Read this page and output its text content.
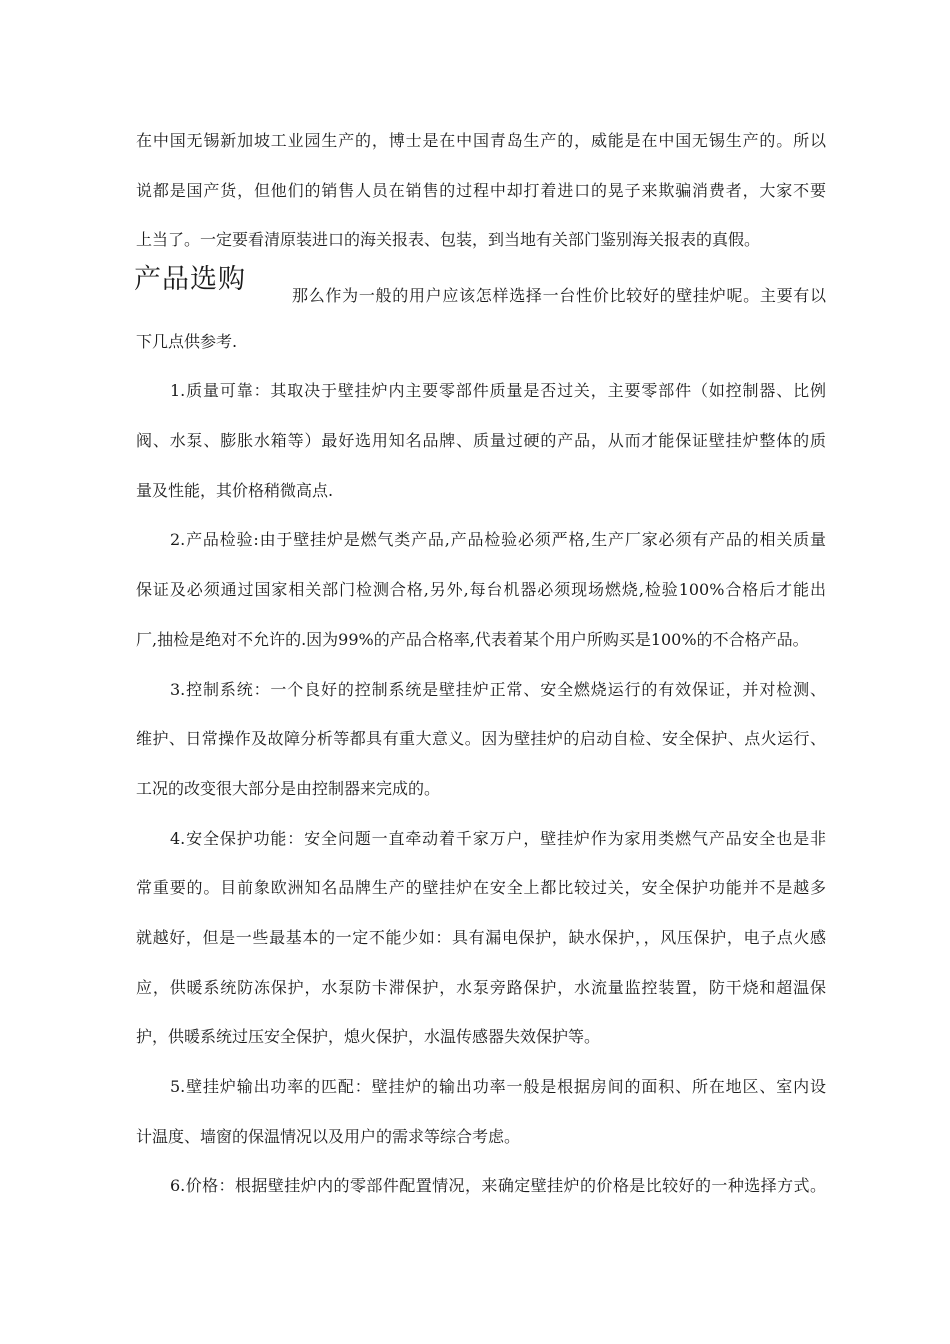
在中国无锡新加坡工业园生产的，博士是在中国青岛生产的，威能是在中国无锡生产的。所以
说都是国产货，但他们的销售人员在销售的过程中却打着进口的晃子来欺骗消费者，大家不要
上当了。一定要看清原装进口的海关报表、包装，到当地有关部门鉴别海关报表的真假。
产品选购
那么作为一般的用户应该怎样选择一台性价比较好的壁挂炉呢。主要有以
下几点供参考.
1.质量可靠：其取决于壁挂炉内主要零部件质量是否过关，主要零部件（如控制器、比例
阀、水泵、膨胀水箱等）最好选用知名品牌、质量过硬的产品，从而才能保证壁挂炉整体的质
量及性能，其价格稍微高点.
2.产品检验:由于壁挂炉是燃气类产品,产品检验必须严格,生产厂家必须有产品的相关质量
保证及必须通过国家相关部门检测合格,另外,每台机器必须现场燃烧,检验100%合格后才能出
厂,抽检是绝对不允许的.因为99%的产品合格率,代表着某个用户所购买是100%的不合格产品。
3.控制系统：一个良好的控制系统是壁挂炉正常、安全燃烧运行的有效保证，并对检测、
维护、日常操作及故障分析等都具有重大意义。因为壁挂炉的启动自检、安全保护、点火运行、
工况的改变很大部分是由控制器来完成的。
4.安全保护功能：安全问题一直牵动着千家万户，壁挂炉作为家用类燃气产品安全也是非
常重要的。目前象欧洲知名品牌生产的壁挂炉在安全上都比较过关，安全保护功能并不是越多
就越好，但是一些最基本的一定不能少如：具有漏电保护，缺水保护，，风压保护，电子点火感
应，供暖系统防冻保护，水泵防卡滞保护，水泵旁路保护，水流量监控装置，防干烧和超温保
护，供暖系统过压安全保护，熄火保护，水温传感器失效保护等。
5.壁挂炉输出功率的匹配：壁挂炉的输出功率一般是根据房间的面积、所在地区、室内设
计温度、墙窗的保温情况以及用户的需求等综合考虑。
6.价格：根据壁挂炉内的零部件配置情况，来确定壁挂炉的价格是比较好的一种选择方式。
